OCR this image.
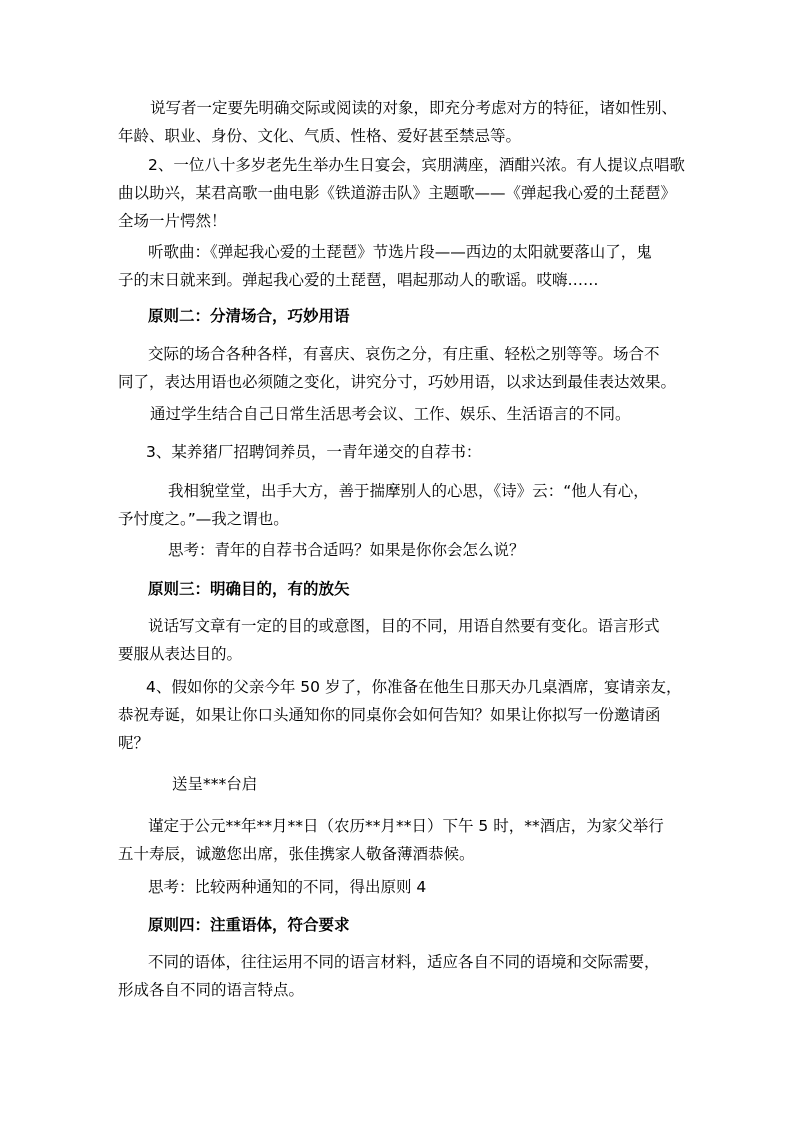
说写者一定要先明确交际或阅读的对象，即充分考虑对方的特征，诸如性别、
年龄、职业、身份、文化、气质、性格、爱好甚至禁忌等。

2、一位八十多岁老先生举办生日宴会，宾朋满座，酒酣兴浓。有人提议点唱歌
曲以助兴，某君高歌一曲电影《铁道游击队》主题歌——《弹起我心爱的土琵琶》
全场一片愕然！

听歌曲：《弹起我心爱的土琵琶》节选片段——西边的太阳就要落山了，鬼
子的末日就来到。弹起我心爱的土琵琶，唱起那动人的歌谣。哎嗨……

原则二：分清场合，巧妙用语

交际的场合各种各样，有喜庆、哀伤之分，有庄重、轻松之别等等。场合不
同了，表达用语也必须随之变化，讲究分寸，巧妙用语，以求达到最佳表达效果。

通过学生结合自己日常生活思考会议、工作、娱乐、生活语言的不同。

3、某养猪厂招聘饲养员，一青年递交的自荐书：

我相貌堂堂，出手大方，善于揣摩别人的心思，《诗》云：“他人有心，
予忖度之。”—我之谓也。

思考：青年的自荐书合适吗？如果是你你会怎么说？

原则三：明确目的，有的放矢

说话写文章有一定的目的或意图，目的不同，用语自然要有变化。语言形式
要服从表达目的。

4、假如你的父亲今年 50 岁了，你准备在他生日那天办几桌酒席，宴请亲友，
恭祝寿诞，如果让你口头通知你的同桌你会如何告知？如果让你拟写一份邀请函
呢？

送呈***台启

谨定于公元**年**月**日（农历**月**日）下午 5 时，**酒店，为家父举行
五十寿辰，诚邀您出席，张佳携家人敬备薄酒恭候。

思考：比较两种通知的不同，得出原则 4

原则四：注重语体，符合要求

不同的语体，往往运用不同的语言材料，适应各自不同的语境和交际需要，
形成各自不同的语言特点。
